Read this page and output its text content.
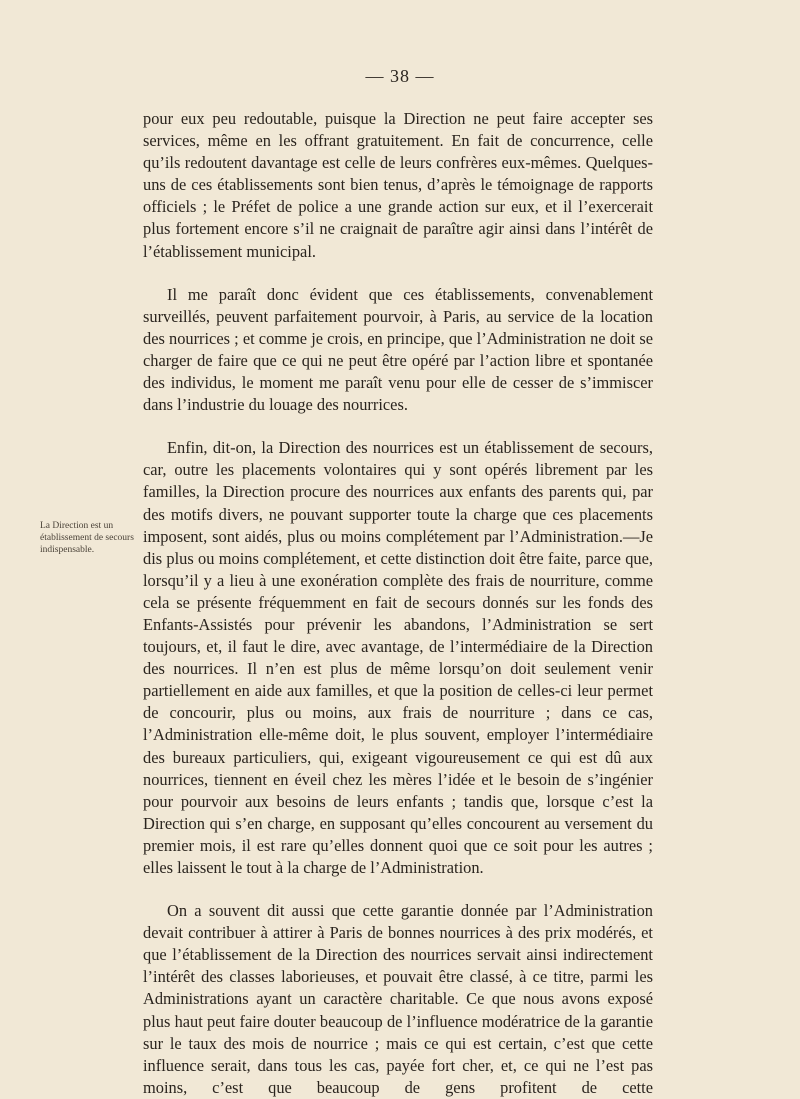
— 38 —
La Direction est un établissement de secours indispensable.

pour eux peu redoutable, puisque la Direction ne peut faire accepter ses services, même en les offrant gratuitement. En fait de concurrence, celle qu’ils redoutent davantage est celle de leurs confrères eux-mêmes. Quelques-uns de ces établissements sont bien tenus, d’après le témoignage de rapports officiels ; le Préfet de police a une grande action sur eux, et il l’exercerait plus fortement encore s’il ne craignait de paraître agir ainsi dans l’intérêt de l’établissement municipal.

Il me paraît donc évident que ces établissements, convenablement surveillés, peuvent parfaitement pourvoir, à Paris, au service de la location des nourrices ; et comme je crois, en principe, que l’Administration ne doit se charger de faire que ce qui ne peut être opéré par l’action libre et spontanée des individus, le moment me paraît venu pour elle de cesser de s’immiscer dans l’industrie du louage des nourrices.

Enfin, dit-on, la Direction des nourrices est un établissement de secours, car, outre les placements volontaires qui y sont opérés librement par les familles, la Direction procure des nourrices aux enfants des parents qui, par des motifs divers, ne pouvant supporter toute la charge que ces placements imposent, sont aidés, plus ou moins complétement par l’Administration.—Je dis plus ou moins complétement, et cette distinction doit être faite, parce que, lorsqu’il y a lieu à une exonération complète des frais de nourriture, comme cela se présente fréquemment en fait de secours donnés sur les fonds des Enfants-Assistés pour prévenir les abandons, l’Administration se sert toujours, et, il faut le dire, avec avantage, de l’intermédiaire de la Direction des nourrices. Il n’en est plus de même lorsqu’on doit seulement venir partiellement en aide aux familles, et que la position de celles-ci leur permet de concourir, plus ou moins, aux frais de nourriture ; dans ce cas, l’Administration elle-même doit, le plus souvent, employer l’intermédiaire des bureaux particuliers, qui, exigeant vigoureusement ce qui est dû aux nourrices, tiennent en éveil chez les mères l’idée et le besoin de s’ingénier pour pourvoir aux besoins de leurs enfants ; tandis que, lorsque c’est la Direction qui s’en charge, en supposant qu’elles concourent au versement du premier mois, il est rare qu’elles donnent quoi que ce soit pour les autres ; elles laissent le tout à la charge de l’Administration.

On a souvent dit aussi que cette garantie donnée par l’Administration devait contribuer à attirer à Paris de bonnes nourrices à des prix modérés, et que l’établissement de la Direction des nourrices servait ainsi indirectement l’intérêt des classes laborieuses, et pouvait être classé, à ce titre, parmi les Administrations ayant un caractère charitable. Ce que nous avons exposé plus haut peut faire douter beaucoup de l’influence modératrice de la garantie sur le taux des mois de nourrice ; mais ce qui est certain, c’est que cette influence serait, dans tous les cas, payée fort cher, et, ce qui ne l’est pas moins, c’est que beaucoup de gens profitent de cette
